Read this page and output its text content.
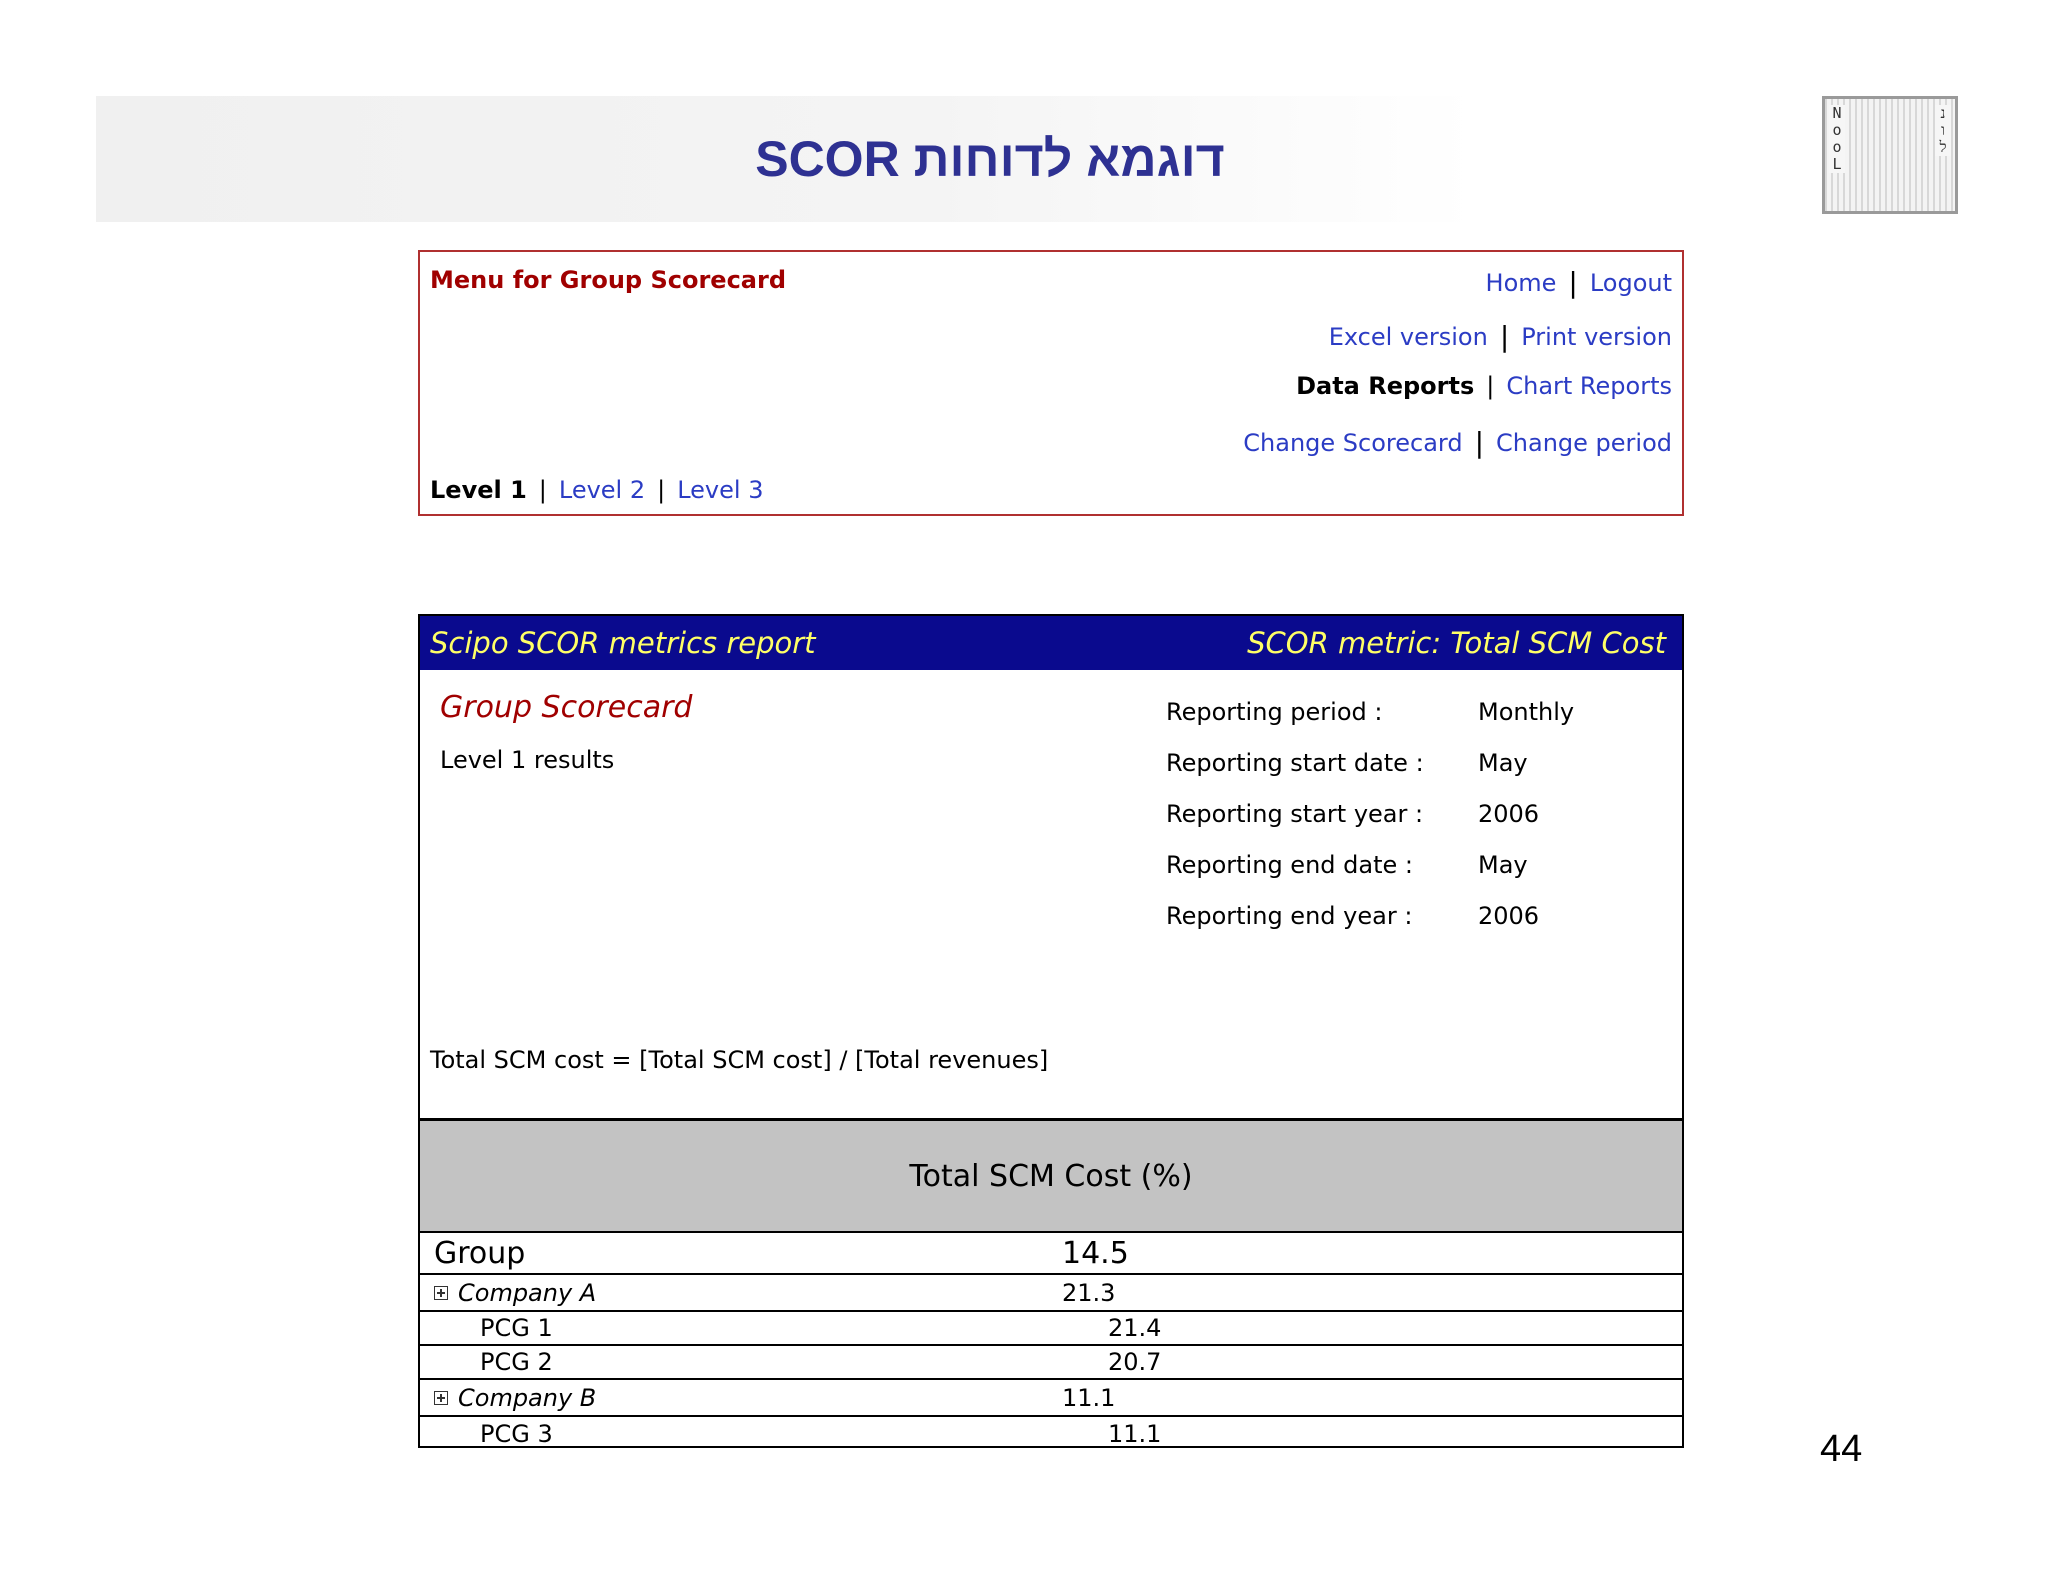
דוגמא לדוחות SCOR
N
o
o
L
נ
ו
ל
Menu for Group Scorecard	Home | Logout
Excel version | Print version
Data Reports | Chart Reports
Change Scorecard | Change period
Level 1 | Level 2 | Level 3
Scipo SCOR metrics report	SCOR metric: Total SCM Cost
Group Scorecard
Level 1 results
Reporting period :	Monthly
Reporting start date :	May
Reporting start year :	2006
Reporting end date :	May
Reporting end year :	2006
Total SCM cost = [Total SCM cost] / [Total revenues]
Total SCM Cost (%)
Group	14.5
Company A	21.3
PCG 1	21.4
PCG 2	20.7
Company B	11.1
PCG 3	11.1	44
